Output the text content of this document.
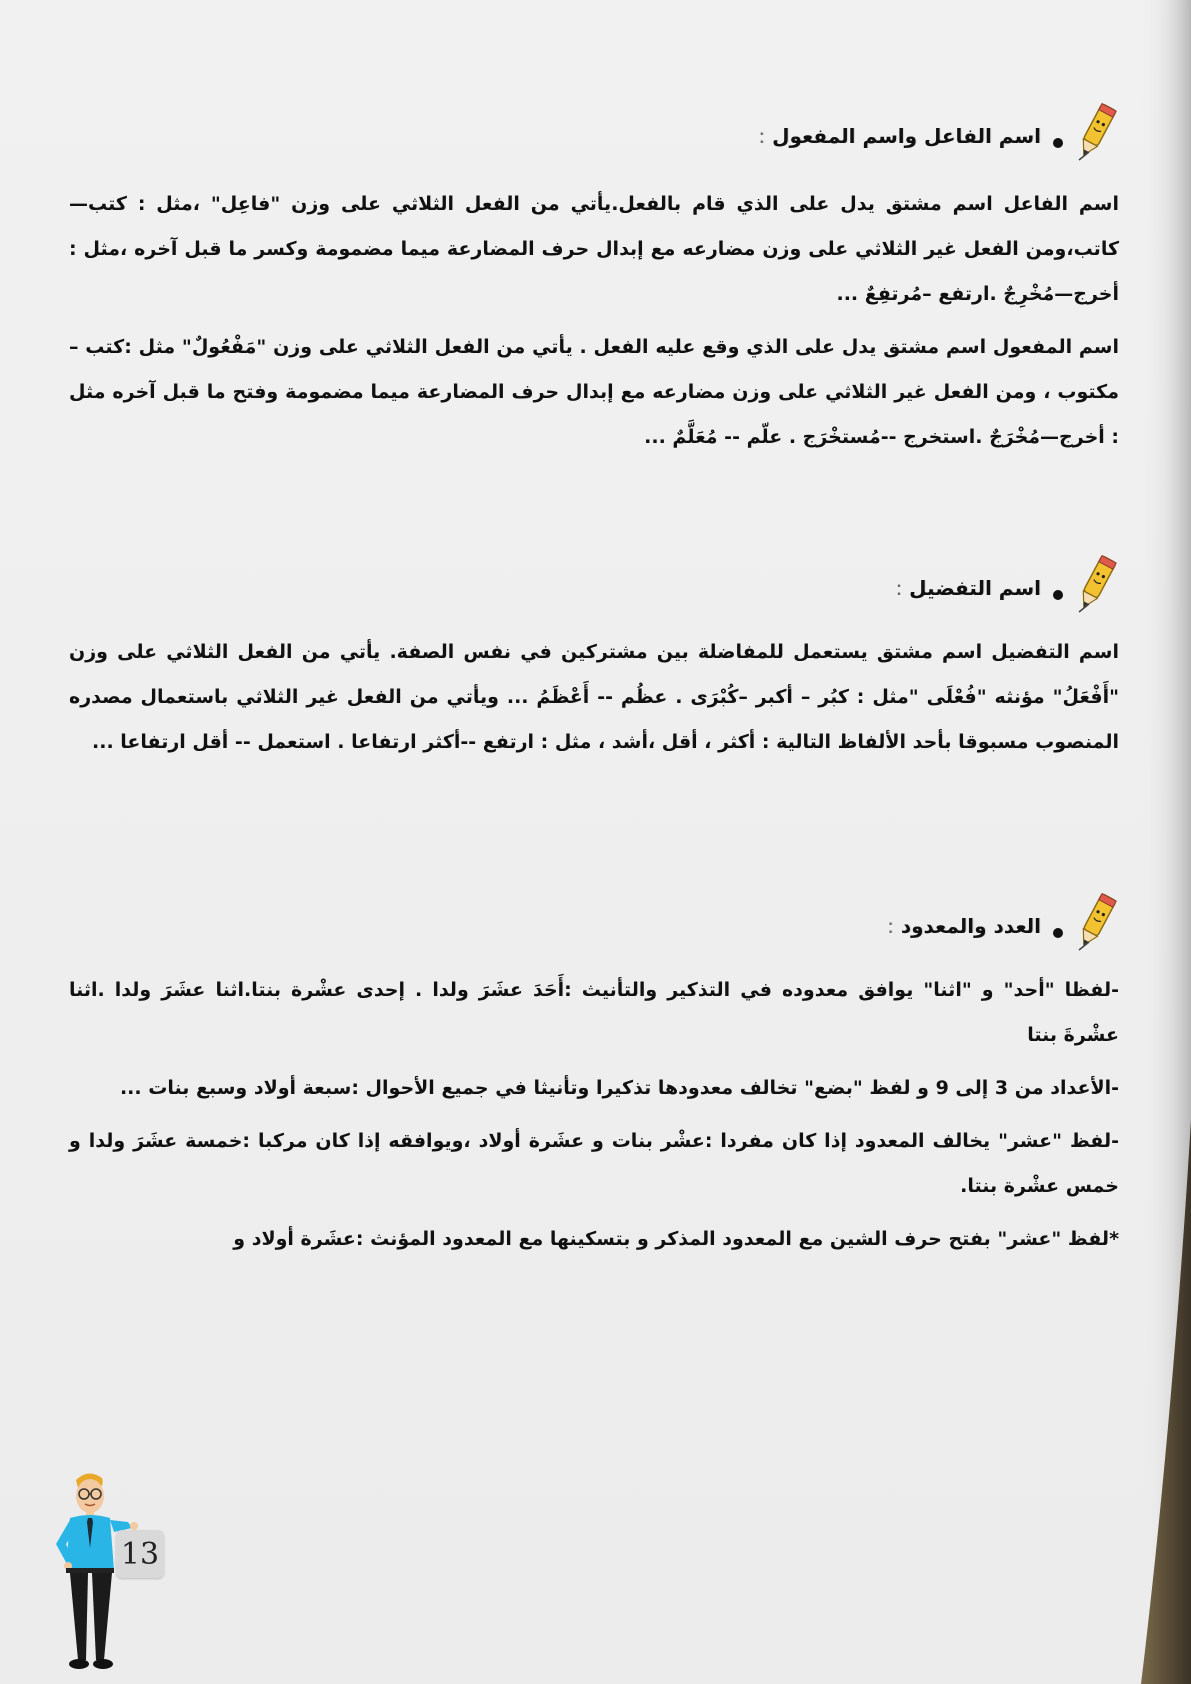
اسم الفاعل واسم المفعول :

اسم الفاعل اسم مشتق يدل على الذي قام بالفعل.يأتي من الفعل الثلاثي على وزن "فاعِل" ،مثل : كتب— كاتب،ومن الفعل غير الثلاثي على وزن مضارعه مع إبدال حرف المضارعة ميما مضمومة وكسر ما قبل آخره ،مثل : أخرج—مُخْرِجٌ .ارتفع –مُرتفِعٌ ...

اسم المفعول اسم مشتق يدل على الذي وقع عليه الفعل . يأتي من الفعل الثلاثي على وزن "مَفْعُولٌ" مثل :كتب – مكتوب ، ومن الفعل غير الثلاثي على وزن مضارعه مع إبدال حرف المضارعة ميما مضمومة وفتح ما قبل آخره مثل : أخرج—مُخْرَجٌ .استخرج --مُستخْرَج . علّم -- مُعَلَّمٌ ...

اسم التفضيل :

اسم التفضيل اسم مشتق يستعمل للمفاضلة بين مشتركين في نفس الصفة. يأتي من الفعل الثلاثي على وزن "أَفْعَلُ" مؤنثه "فُعْلَى "مثل : كبُر – أكبر –كُبْرَى . عظُم -- أَعْظَمُ ... ويأتي من الفعل غير الثلاثي باستعمال مصدره المنصوب مسبوقا بأحد الألفاظ التالية : أكثر ، أقل ،أشد ، مثل : ارتفع --أكثر ارتفاعا . استعمل -- أقل ارتفاعا ...

العدد والمعدود :

-لفظا "أحد" و "اثنا" يوافق معدوده في التذكير والتأنيث :أَحَدَ عشَرَ ولدا . إحدى عشْرة بنتا.اثنا عشَرَ ولدا .اثنا عشْرةَ بنتا

-الأعداد من 3 إلى 9 و لفظ "بضع" تخالف معدودها تذكيرا وتأنيثا في جميع الأحوال :سبعة أولاد وسبع بنات ...

-لفظ "عشر" يخالف المعدود إذا كان مفردا :عشْر بنات و عشَرة أولاد ،ويوافقه إذا كان مركبا :خمسة عشَرَ ولدا و خمس عشْرة بنتا.

*لفظ "عشر" بفتح حرف الشين مع المعدود المذكر و بتسكينها مع المعدود المؤنث :عشَرة أولاد و

13
